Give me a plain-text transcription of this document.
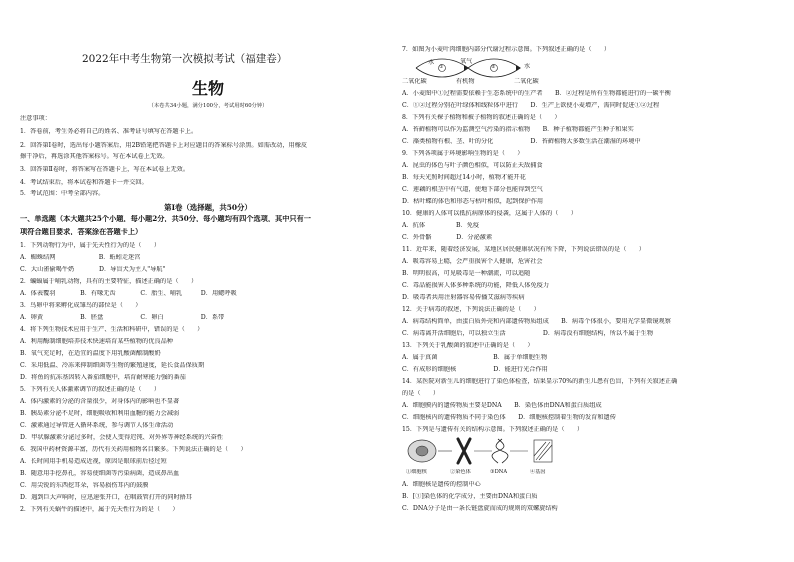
2022年中考生物第一次模拟考试（福建卷）
生物
（本卷共34小题，满分100分，考试用时60分钟）
注意事项：
1．答卷前，考生务必将自己的姓名、准考证号填写在答题卡上。
2．回答第Ⅰ卷时，选出每小题答案后，用2B铅笔把答题卡上对应题目的答案标号涂黑。如需改动，用橡皮
擦干净后，再选涂其他答案标号。写在本试卷上无效。
3．回答第Ⅱ卷时，将答案写在答题卡上，写在本试卷上无效。
4．考试结束后，将本试卷和答题卡一并交回。
5．考试范围：中考全部内容。
第Ⅰ卷（选择题，共50分）
一、单选题（本大题共25个小题，每小题2分，共50分，每小题均有四个选项，其中只有一
项符合题目要求，答案涂在答题卡上）
1．下列动物行为中，属于先天性行为的是（　　）
A．蜘蛛结网　　　　　　　B．蚯蚓走迷宫
C．大山雀偷喝牛奶　　　　D．导盲犬为主人"导航"
2．蝙蝠属于哺乳动物，具有的主要特征，描述正确的是（　　）
A．体表覆羽　　　　B．有喙无齿　　　　C．胎生、哺乳　　　D．用鳃呼吸
3．鸟卵中将来孵化成雏鸟的部位是（　　）
A．卵黄　　　　　　B．胚盘　　　　　　C．卵白　　　　　　D．系带
4．将下列生物技术应用于生产、生活和科研中，错误的是（　　）
A．利用酶制细胞培养技术快速培育某些植物的优良品种
B．氧气充足时，在适宜的温度下用乳酸菌酿制酸奶
C．采用低温、冷冻来抑制细菌等生物的繁殖速度，延长食品保质期
D．将鱼的抗冻基因转入番茄细胞中，培育耐寒能力强的番茄
5．下列有关人体激素调节的叙述正确的是（　　）
A．体内激素的分泌的含量很少，对身体内的影响也不显著
B．胰岛素分泌不足时，细胞吸收和利用血糖的能力会减弱
C．激素通过导管进入循环系统，参与调节人体生命活动
D．甲状腺激素分泌过多时，会使人变得迟钝、对外界等神经系统的兴奋性
6．我国中药材资源丰富，历代有关药用植物名目繁多。下列说法正确的是（　　）
A．长时间用手机易造成近视，原因是眼球前后径过短
B．随意用手挖鼻孔，容易使细菌等污染病菌，造成鼻出血
C．用尖锐的东西挖耳朵，容易损伤耳内的鼓膜
D．遇到巨大声响时，应迅速张开口，在咽鼓管打开的同时捂耳
2．下列有关蜗牛的描述中，属于先天性行为的是（　　）
7．如图为小麦叶肉细胞内部分代谢过程示意图。下列叙述正确的是（　　）
水
①	②
氧气
水
二氧化碳	有机物	二氧化碳
A．小麦图中①过程需要依赖于生态系统中的生产者　　B．②过程是所有生物都能进行的一碳平衡
C．①②过程分别在叶绿体和线粒体中进行　　D．生产上欲使小麦增产，需同时促进①②过程
8．下列有关裸子植物和被子植物的叙述正确的是（　　）
A．苔藓植物可以作为监测空气污染的指示植物　　B．种子植物都能产生种子和果实
C．藻类植物有根、茎、叶的分化　　　　　　D．苔藓植物大多数生活在潮湿的环境中
9．下列各项属于环境影响生物的是（　　）
A．昆虫的体色与叶子颜色相似，可以防止天敌捕食
B．每天光照时间超过14小时，植物才能开花
C．莲藕的根茎中有气道，使地下部分也能得到空气
D．枯叶蝶的体色和形态与枯叶相似，起到保护作用
10．健康的人体可以抵抗病原体的侵袭，这属于人体的（　　）
A．抗体　　　　　B．免疫
C．外骨骼　　　　D．分泌激素
11．近年来，随着经济发展，某地区居民健康状况有所下降，下列说法错误的是（　　）
A．吸毒容易上瘾，会严重损害个人健康，危害社会
B．明明很高，可见吸毒是一种潮流，可以追随
C．毒品能损害人体多种系统的功能，降低人体免疫力
D．吸毒者共用注射器容易传播艾滋病等疾病
12．关于病毒的叙述，下列说法正确的是（　　）
A．病毒结构简单，由蛋白质外壳和内部遗传物质组成　　B．病毒个体很小，要用光学显微镜观察
C．病毒离开活细胞后，可以独立生活　　　　　　D．病毒没有细胞结构，所以不属于生物
13．下列关于乳酸菌的叙述中正确的是（　　）
A．属于真菌　　　　　　　　　B．属于单细胞生物
C．有成形的细胞核　　　　　　D．能进行光合作用
14．某医院对新生儿的细胞进行了染色体检查，结果显示70%的新生儿患有色盲，下列有关叙述正确
的是（　　）
A．细胞膜内的遗传物质主要是DNA　　B．染色体由DNA和蛋白质组成
C．细胞核内的遗传物质不同于染色体　　D．细胞核控制着生物的发育和遗传
15．下列是与遗传有关的结构示意图。下列叙述正确的是（　　）
①细胞核	②染色体	③DNA	④基因
A．细胞核是遗传的控制中心
B．[①]染色体的化学成分，主要由DNA和蛋白质
C．DNA分子是由一条长链盘旋而成的规则的双螺旋结构
